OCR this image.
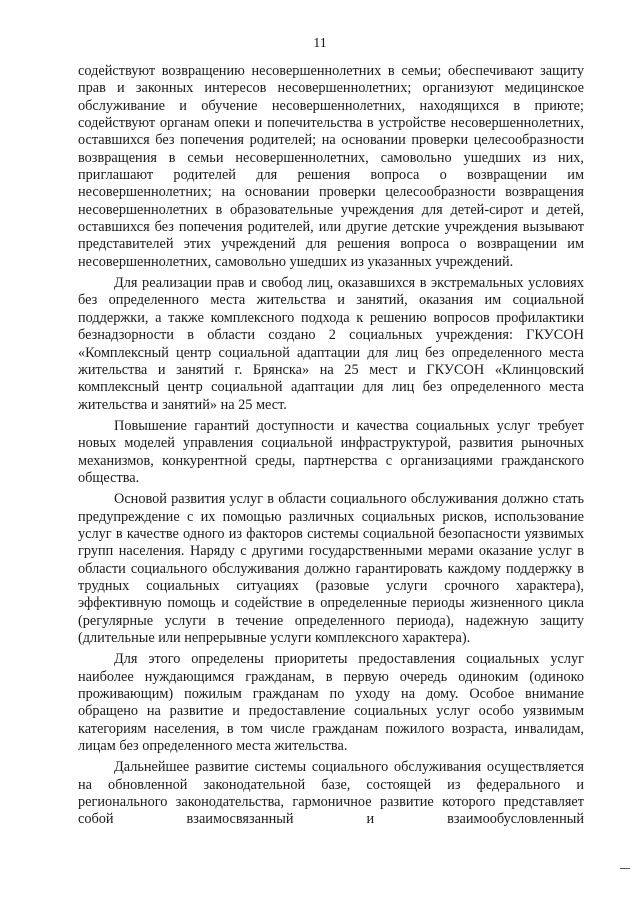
11

содействуют возвращению несовершеннолетних в семьи; обеспечивают защиту прав и законных интересов несовершеннолетних; организуют медицинское обслуживание и обучение несовершеннолетних, находящихся в приюте; содействуют органам опеки и попечительства в устройстве несовершеннолетних, оставшихся без попечения родителей; на основании проверки целесообразности возвращения в семьи несовершеннолетних, самовольно ушедших из них, приглашают родителей для решения вопроса о возвращении им несовершеннолетних; на основании проверки целесообразности возвращения несовершеннолетних в образовательные учреждения для детей-сирот и детей, оставшихся без попечения родителей, или другие детские учреждения вызывают представителей этих учреждений для решения вопроса о возвращении им несовершеннолетних, самовольно ушедших из указанных учреждений.

Для реализации прав и свобод лиц, оказавшихся в экстремальных условиях без определенного места жительства и занятий, оказания им социальной поддержки, а также комплексного подхода к решению вопросов профилактики безнадзорности в области создано 2 социальных учреждения: ГКУСОН «Комплексный центр социальной адаптации для лиц без определенного места жительства и занятий г. Брянска» на 25 мест и ГКУСОН «Клинцовский комплексный центр социальной адаптации для лиц без определенного места жительства и занятий» на 25 мест.

Повышение гарантий доступности и качества социальных услуг требует новых моделей управления социальной инфраструктурой, развития рыночных механизмов, конкурентной среды, партнерства с организациями гражданского общества.

Основой развития услуг в области социального обслуживания должно стать предупреждение с их помощью различных социальных рисков, использование услуг в качестве одного из факторов системы социальной безопасности уязвимых групп населения. Наряду с другими государственными мерами оказание услуг в области социального обслуживания должно гарантировать каждому поддержку в трудных социальных ситуациях (разовые услуги срочного характера), эффективную помощь и содействие в определенные периоды жизненного цикла (регулярные услуги в течение определенного периода), надежную защиту (длительные или непрерывные услуги комплексного характера).

Для этого определены приоритеты предоставления социальных услуг наиболее нуждающимся гражданам, в первую очередь одиноким (одиноко проживающим) пожилым гражданам по уходу на дому. Особое внимание обращено на развитие и предоставление социальных услуг особо уязвимым категориям населения, в том числе гражданам пожилого возраста, инвалидам, лицам без определенного места жительства.

Дальнейшее развитие системы социального обслуживания осуществляется на обновленной законодательной базе, состоящей из федерального и регионального законодательства, гармоничное развитие которого представляет собой взаимосвязанный и взаимообусловленный
